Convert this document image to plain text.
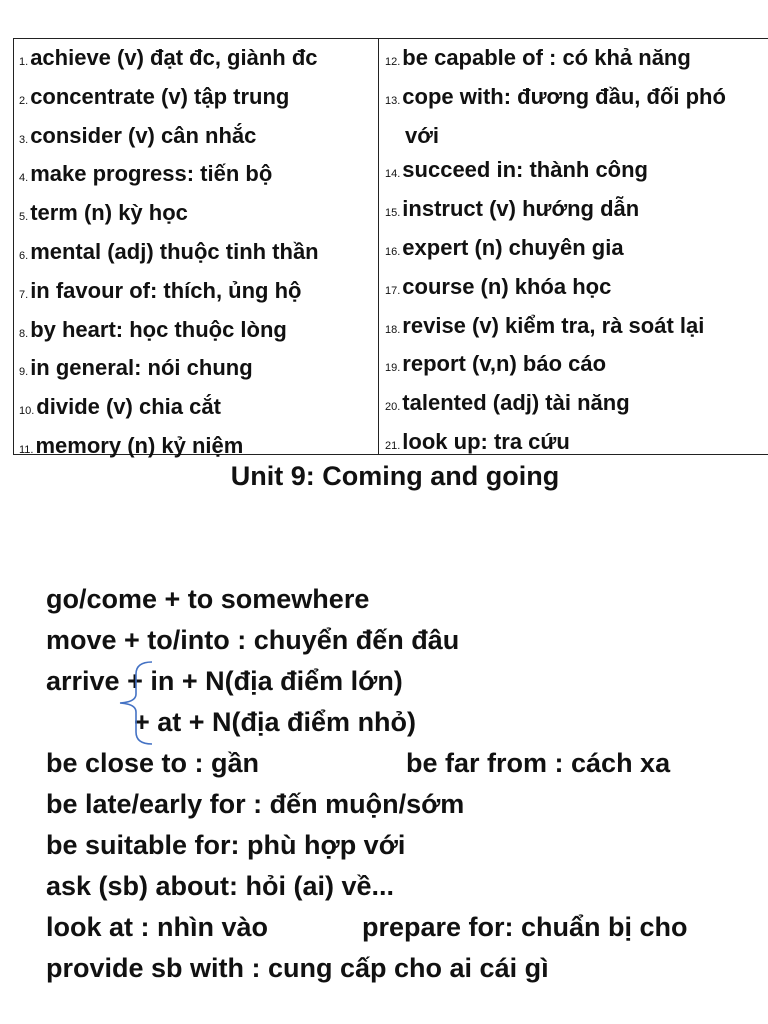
1. achieve (v) đạt đc, giành đc
2. concentrate (v) tập trung
3. consider (v) cân nhắc
4. make progress: tiến bộ
5. term (n) kỳ học
6. mental (adj) thuộc tinh thần
7. in favour of: thích, ủng hộ
8. by heart: học thuộc lòng
9. in general: nói chung
10. divide (v) chia cắt
11. memory (n) kỷ niệm
12. be capable of : có khả năng
13. cope with: đương đầu, đối phó
với
14. succeed in: thành công
15. instruct (v) hướng dẫn
16. expert (n) chuyên gia
17. course (n) khóa học
18. revise (v) kiểm tra, rà soát lại
19. report (v,n) báo cáo
20. talented (adj) tài năng
21. look up: tra cứu
Unit 9: Coming and going
go/come + to somewhere
move + to/into : chuyển đến đâu
arrive + in + N(địa điểm lớn)
+ at + N(địa điểm nhỏ)
be close to : gần	be far from : cách xa
be late/early for : đến muộn/sớm
be suitable for: phù hợp với
ask (sb) about: hỏi (ai) về...
look at : nhìn vào	prepare for: chuẩn bị cho
provide sb with : cung cấp cho ai cái gì
